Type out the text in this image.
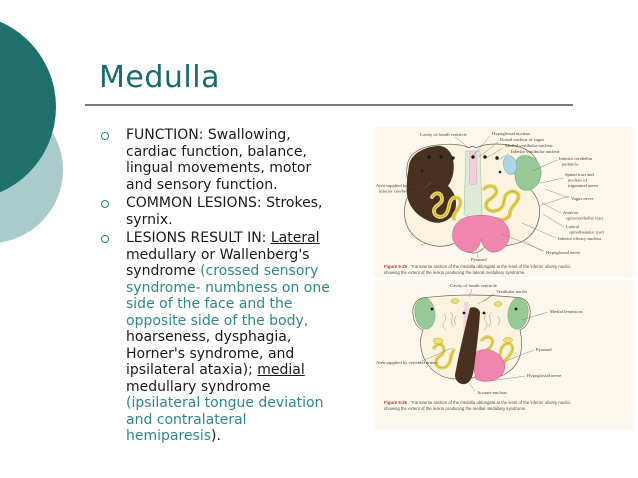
Medulla
FUNCTION: Swallowing, cardiac function, balance, lingual movements, motor and sensory function.
COMMON LESIONS: Strokes, syrnix.
LESIONS RESULT IN: Lateral medullary or Wallenberg's syndrome (crossed sensory syndrome- numbness on one side of the face and the opposite side of the body, hoarseness, dysphagia, Horner's syndrome, and ipsilateral ataxia); medial medullary syndrome (ipsilateral tongue deviation and contralateral hemiparesis).
Cavity of fourth ventricle	Hypoglossal nucleus
Dorsal nucleus of vagus
Medial vestibular nucleus
Inferior vestibular nucleus
Inferior cerebellar
peduncle
Spinal tract and
nucleus of
trigeminal nerve
Vagus nerve
Anterior
spinocerebellar tract
Lateral
spinothalamic tract
Inferior olivary nucleus
Hypoglossal nerve
Pyramid
Area supplied by posterior
inferior cerebellar artery
Figure 5-25 Transverse section of the medulla oblongata at the level of the inferior olivary nuclei,
showing the extent of the lesion producing the lateral medullary syndrome.
Cavity of fourth ventricle
Vestibular nuclei
Medial lemniscus
Pyramid
Hypoglossal nerve
Arcuate nucleus
Area supplied by vertebral artery
Figure 5-26 Transverse section of the medulla oblongata at the level of the inferior olivary nuclei,
showing the extent of the lesion producing the medial medullary syndrome.
